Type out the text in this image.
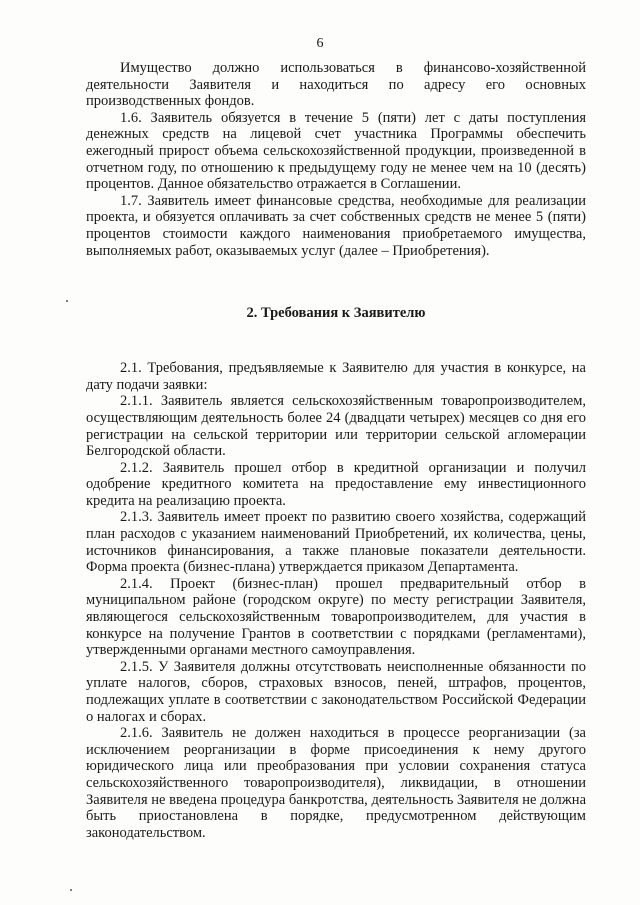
6

Имущество должно использоваться в финансово-хозяйственной деятельности Заявителя и находиться по адресу его основных производственных фондов.

1.6. Заявитель обязуется в течение 5 (пяти) лет с даты поступления денежных средств на лицевой счет участника Программы обеспечить ежегодный прирост объема сельскохозяйственной продукции, произведенной в отчетном году, по отношению к предыдущему году не менее чем на 10 (десять) процентов. Данное обязательство отражается в Соглашении.

1.7. Заявитель имеет финансовые средства, необходимые для реализации проекта, и обязуется оплачивать за счет собственных средств не менее 5 (пяти) процентов стоимости каждого наименования приобретаемого имущества, выполняемых работ, оказываемых услуг (далее – Приобретения).

2. Требования к Заявителю

2.1. Требования, предъявляемые к Заявителю для участия в конкурсе, на дату подачи заявки:

2.1.1. Заявитель является сельскохозяйственным товаропроизводителем, осуществляющим деятельность более 24 (двадцати четырех) месяцев со дня его регистрации на сельской территории или территории сельской агломерации Белгородской области.

2.1.2. Заявитель прошел отбор в кредитной организации и получил одобрение кредитного комитета на предоставление ему инвестиционного кредита на реализацию проекта.

2.1.3. Заявитель имеет проект по развитию своего хозяйства, содержащий план расходов с указанием наименований Приобретений, их количества, цены, источников финансирования, а также плановые показатели деятельности. Форма проекта (бизнес-плана) утверждается приказом Департамента.

2.1.4. Проект (бизнес-план) прошел предварительный отбор в муниципальном районе (городском округе) по месту регистрации Заявителя, являющегося сельскохозяйственным товаропроизводителем, для участия в конкурсе на получение Грантов в соответствии с порядками (регламентами), утвержденными органами местного самоуправления.

2.1.5. У Заявителя должны отсутствовать неисполненные обязанности по уплате налогов, сборов, страховых взносов, пеней, штрафов, процентов, подлежащих уплате в соответствии с законодательством Российской Федерации о налогах и сборах.

2.1.6. Заявитель не должен находиться в процессе реорганизации (за исключением реорганизации в форме присоединения к нему другого юридического лица или преобразования при условии сохранения статуса сельскохозяйственного товаропроизводителя), ликвидации, в отношении Заявителя не введена процедура банкротства, деятельность Заявителя не должна быть приостановлена в порядке, предусмотренном действующим законодательством.
